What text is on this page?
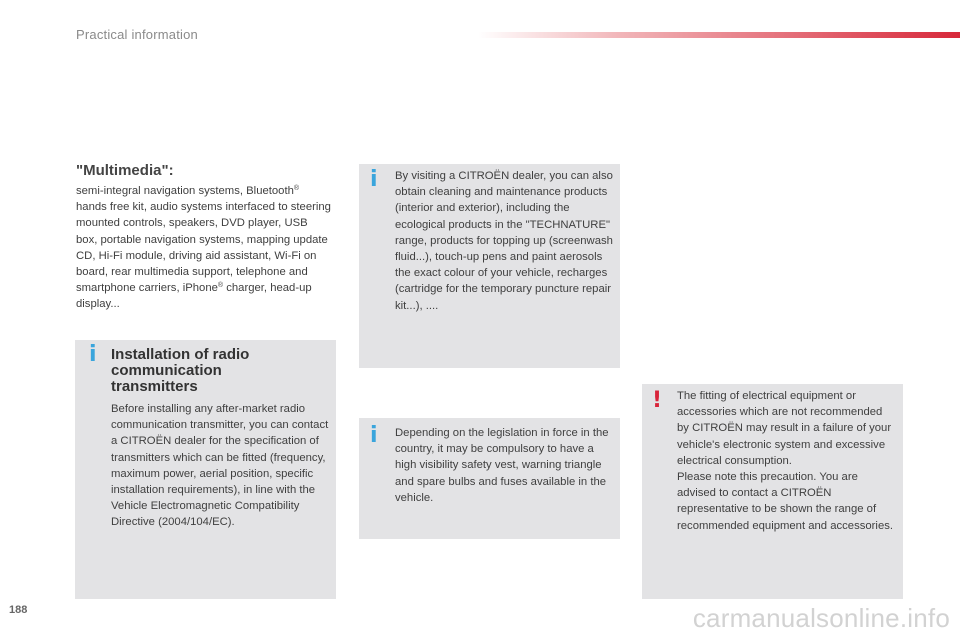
Practical information
"Multimedia":

semi-integral navigation systems, Bluetooth® hands free kit, audio systems interfaced to steering mounted controls, speakers, DVD player, USB box, portable navigation systems, mapping update CD, Hi-Fi module, driving aid assistant, Wi-Fi on board, rear multimedia support, telephone and smartphone carriers, iPhone® charger, head-up display...

i Installation of radio communication transmitters
Before installing any after-market radio communication transmitter, you can contact a CITROËN dealer for the specification of transmitters which can be fitted (frequency, maximum power, aerial position, specific installation requirements), in line with the Vehicle Electromagnetic Compatibility Directive (2004/104/EC).
i By visiting a CITROËN dealer, you can also obtain cleaning and maintenance products (interior and exterior), including the ecological products in the "TECHNATURE" range, products for topping up (screenwash fluid...), touch-up pens and paint aerosols the exact colour of your vehicle, recharges (cartridge for the temporary puncture repair kit...), ....
i Depending on the legislation in force in the country, it may be compulsory to have a high visibility safety vest, warning triangle and spare bulbs and fuses available in the vehicle.
! The fitting of electrical equipment or accessories which are not recommended by CITROËN may result in a failure of your vehicle's electronic system and excessive electrical consumption.

Please note this precaution. You are advised to contact a CITROËN representative to be shown the range of recommended equipment and accessories.

188	carmanualsonline.info
